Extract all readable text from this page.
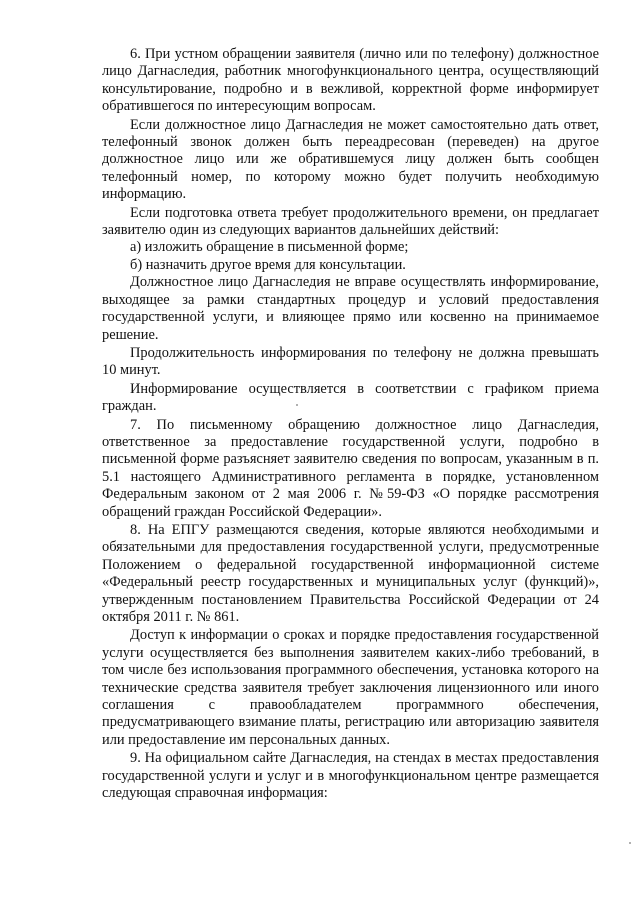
6. При устном обращении заявителя (лично или по телефону) должностное лицо Дагнаследия, работник многофункционального центра, осуществляющий консультирование, подробно и в вежливой, корректной форме информирует обратившегося по интересующим вопросам.

Если должностное лицо Дагнаследия не может самостоятельно дать ответ, телефонный звонок должен быть переадресован (переведен) на другое должностное лицо или же обратившемуся лицу должен быть сообщен телефонный номер, по которому можно будет получить необходимую информацию.

Если подготовка ответа требует продолжительного времени, он предлагает заявителю один из следующих вариантов дальнейших действий:

а) изложить обращение в письменной форме;

б) назначить другое время для консультации.

Должностное лицо Дагнаследия не вправе осуществлять информирование, выходящее за рамки стандартных процедур и условий предоставления государственной услуги, и влияющее прямо или косвенно на принимаемое решение.

Продолжительность информирования по телефону не должна превышать 10 минут.

Информирование осуществляется в соответствии с графиком приема граждан.

7. По письменному обращению должностное лицо Дагнаследия, ответственное за предоставление государственной услуги, подробно в письменной форме разъясняет заявителю сведения по вопросам, указанным в п. 5.1 настоящего Административного регламента в порядке, установленном Федеральным законом от 2 мая 2006 г. №59-ФЗ «О порядке рассмотрения обращений граждан Российской Федерации».

8. На ЕПГУ размещаются сведения, которые являются необходимыми и обязательными для предоставления государственной услуги, предусмотренные Положением о федеральной государственной информационной системе «Федеральный реестр государственных и муниципальных услуг (функций)», утвержденным постановлением Правительства Российской Федерации от 24 октября 2011 г. № 861.

Доступ к информации о сроках и порядке предоставления государственной услуги осуществляется без выполнения заявителем каких-либо требований, в том числе без использования программного обеспечения, установка которого на технические средства заявителя требует заключения лицензионного или иного соглашения с правообладателем программного обеспечения, предусматривающего взимание платы, регистрацию или авторизацию заявителя или предоставление им персональных данных.

9. На официальном сайте Дагнаследия, на стендах в местах предоставления государственной услуги и услуг и в многофункциональном центре размещается следующая справочная информация:
